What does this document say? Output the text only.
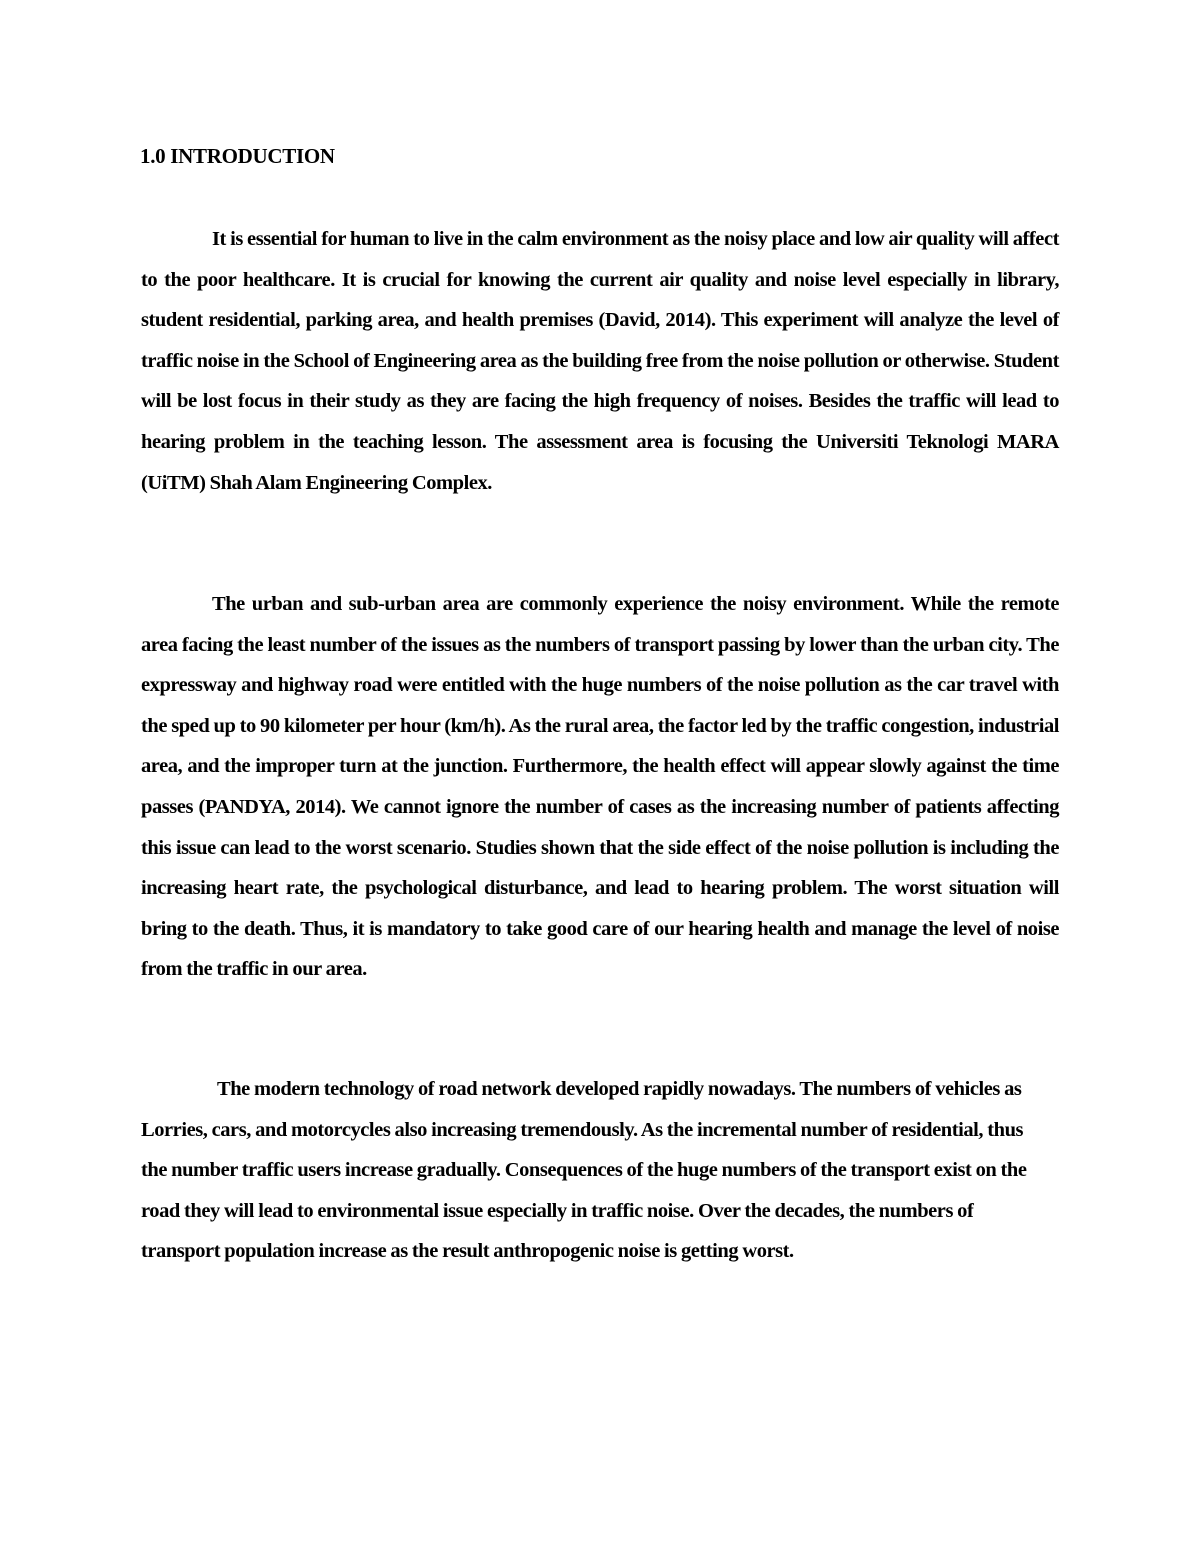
1.0 INTRODUCTION

It is essential for human to live in the calm environment as the noisy place and low air quality will affect to the poor healthcare. It is crucial for knowing the current air quality and noise level especially in library, student residential, parking area, and health premises (David, 2014). This experiment will analyze the level of traffic noise in the School of Engineering area as the building free from the noise pollution or otherwise. Student will be lost focus in their study as they are facing the high frequency of noises. Besides the traffic will lead to hearing problem in the teaching lesson. The assessment area is focusing the Universiti Teknologi MARA (UiTM) Shah Alam Engineering Complex.

The urban and sub-urban area are commonly experience the noisy environment. While the remote area facing the least number of the issues as the numbers of transport passing by lower than the urban city. The expressway and highway road were entitled with the huge numbers of the noise pollution as the car travel with the sped up to 90 kilometer per hour (km/h). As the rural area, the factor led by the traffic congestion, industrial area, and the improper turn at the junction. Furthermore, the health effect will appear slowly against the time passes (PANDYA, 2014). We cannot ignore the number of cases as the increasing number of patients affecting this issue can lead to the worst scenario. Studies shown that the side effect of the noise pollution is including the increasing heart rate, the psychological disturbance, and lead to hearing problem. The worst situation will bring to the death. Thus, it is mandatory to take good care of our hearing health and manage the level of noise from the traffic in our area.

The modern technology of road network developed rapidly nowadays. The numbers of vehicles as Lorries, cars, and motorcycles also increasing tremendously. As the incremental number of residential, thus the number traffic users increase gradually. Consequences of the huge numbers of the transport exist on the road they will lead to environmental issue especially in traffic noise. Over the decades, the numbers of transport population increase as the result anthropogenic noise is getting worst.
